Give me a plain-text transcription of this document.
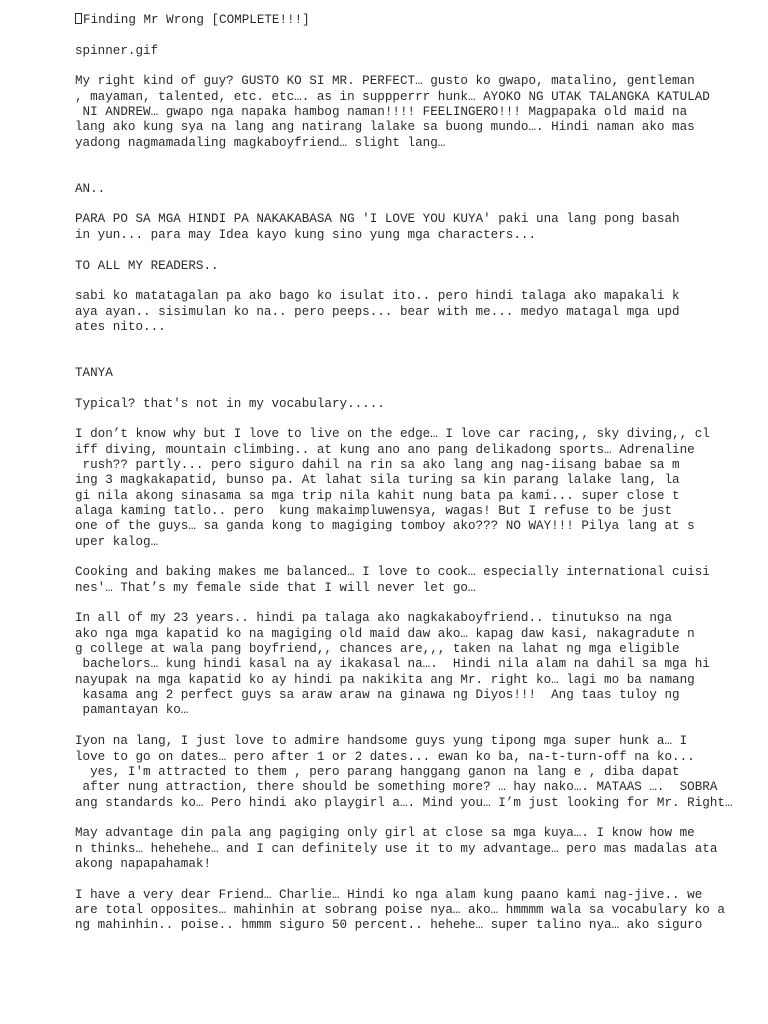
Finding Mr Wrong [COMPLETE!!!]
spinner.gif
My right kind of guy? GUSTO KO SI MR. PERFECT… gusto ko gwapo, matalino, gentleman
, mayaman, talented, etc. etc…. as in suppperrr hunk… AYOKO NG UTAK TALANGKA KATULAD
NI ANDREW… gwapo nga napaka hambog naman!!!! FEELINGERO!!! Magpapaka old maid na
lang ako kung sya na lang ang natirang lalake sa buong mundo…. Hindi naman ako mas
yadong nagmamadaling magkaboyfriend… slight lang…
AN..
PARA PO SA MGA HINDI PA NAKAKABASA NG 'I LOVE YOU KUYA' paki una lang pong basah
in yun... para may Idea kayo kung sino yung mga characters...
TO ALL MY READERS..
sabi ko matatagalan pa ako bago ko isulat ito.. pero hindi talaga ako mapakali k
aya ayan.. sisimulan ko na.. pero peeps... bear with me... medyo matagal mga upd
ates nito...
TANYA
Typical? that's not in my vocabulary.....
I don’t know why but I love to live on the edge… I love car racing,, sky diving,, cl
iff diving, mountain climbing.. at kung ano ano pang delikadong sports… Adrenaline
rush?? partly... pero siguro dahil na rin sa ako lang ang nag-iisang babae sa m
ing 3 magkakapatid, bunso pa. At lahat sila turing sa kin parang lalake lang, la
gi nila akong sinasama sa mga trip nila kahit nung bata pa kami... super close t
alaga kaming tatlo.. pero  kung makaimpluwensya, wagas! But I refuse to be just
one of the guys… sa ganda kong to magiging tomboy ako??? NO WAY!!! Pilya lang at s
uper kalog…
Cooking and baking makes me balanced… I love to cook… especially international cuisi
nes'… That’s my female side that I will never let go…
In all of my 23 years.. hindi pa talaga ako nagkakaboyfriend.. tinutukso na nga
ako nga mga kapatid ko na magiging old maid daw ako… kapag daw kasi, nakagradute n
g college at wala pang boyfriend,, chances are,,, taken na lahat ng mga eligible
bachelors… kung hindi kasal na ay ikakasal na….  Hindi nila alam na dahil sa mga hi
nayupak na mga kapatid ko ay hindi pa nakikita ang Mr. right ko… lagi mo ba namang
kasama ang 2 perfect guys sa araw araw na ginawa ng Diyos!!!  Ang taas tuloy ng
pamantayan ko…
Iyon na lang, I just love to admire handsome guys yung tipong mga super hunk a… I
love to go on dates… pero after 1 or 2 dates... ewan ko ba, na-t-turn-off na ko...
yes, I'm attracted to them , pero parang hanggang ganon na lang e , diba dapat
after nung attraction, there should be something more? … hay nako…. MATAAS ….  SOBRA
ang standards ko… Pero hindi ako playgirl a…. Mind you… I’m just looking for Mr. Right…
May advantage din pala ang pagiging only girl at close sa mga kuya…. I know how me
n thinks… hehehehe… and I can definitely use it to my advantage… pero mas madalas ata
akong napapahamak!
I have a very dear Friend… Charlie… Hindi ko nga alam kung paano kami nag-jive.. we
are total opposites… mahinhin at sobrang poise nya… ako… hmmmm wala sa vocabulary ko a
ng mahinhin.. poise.. hmmm siguro 50 percent.. hehehe… super talino nya… ako siguro
